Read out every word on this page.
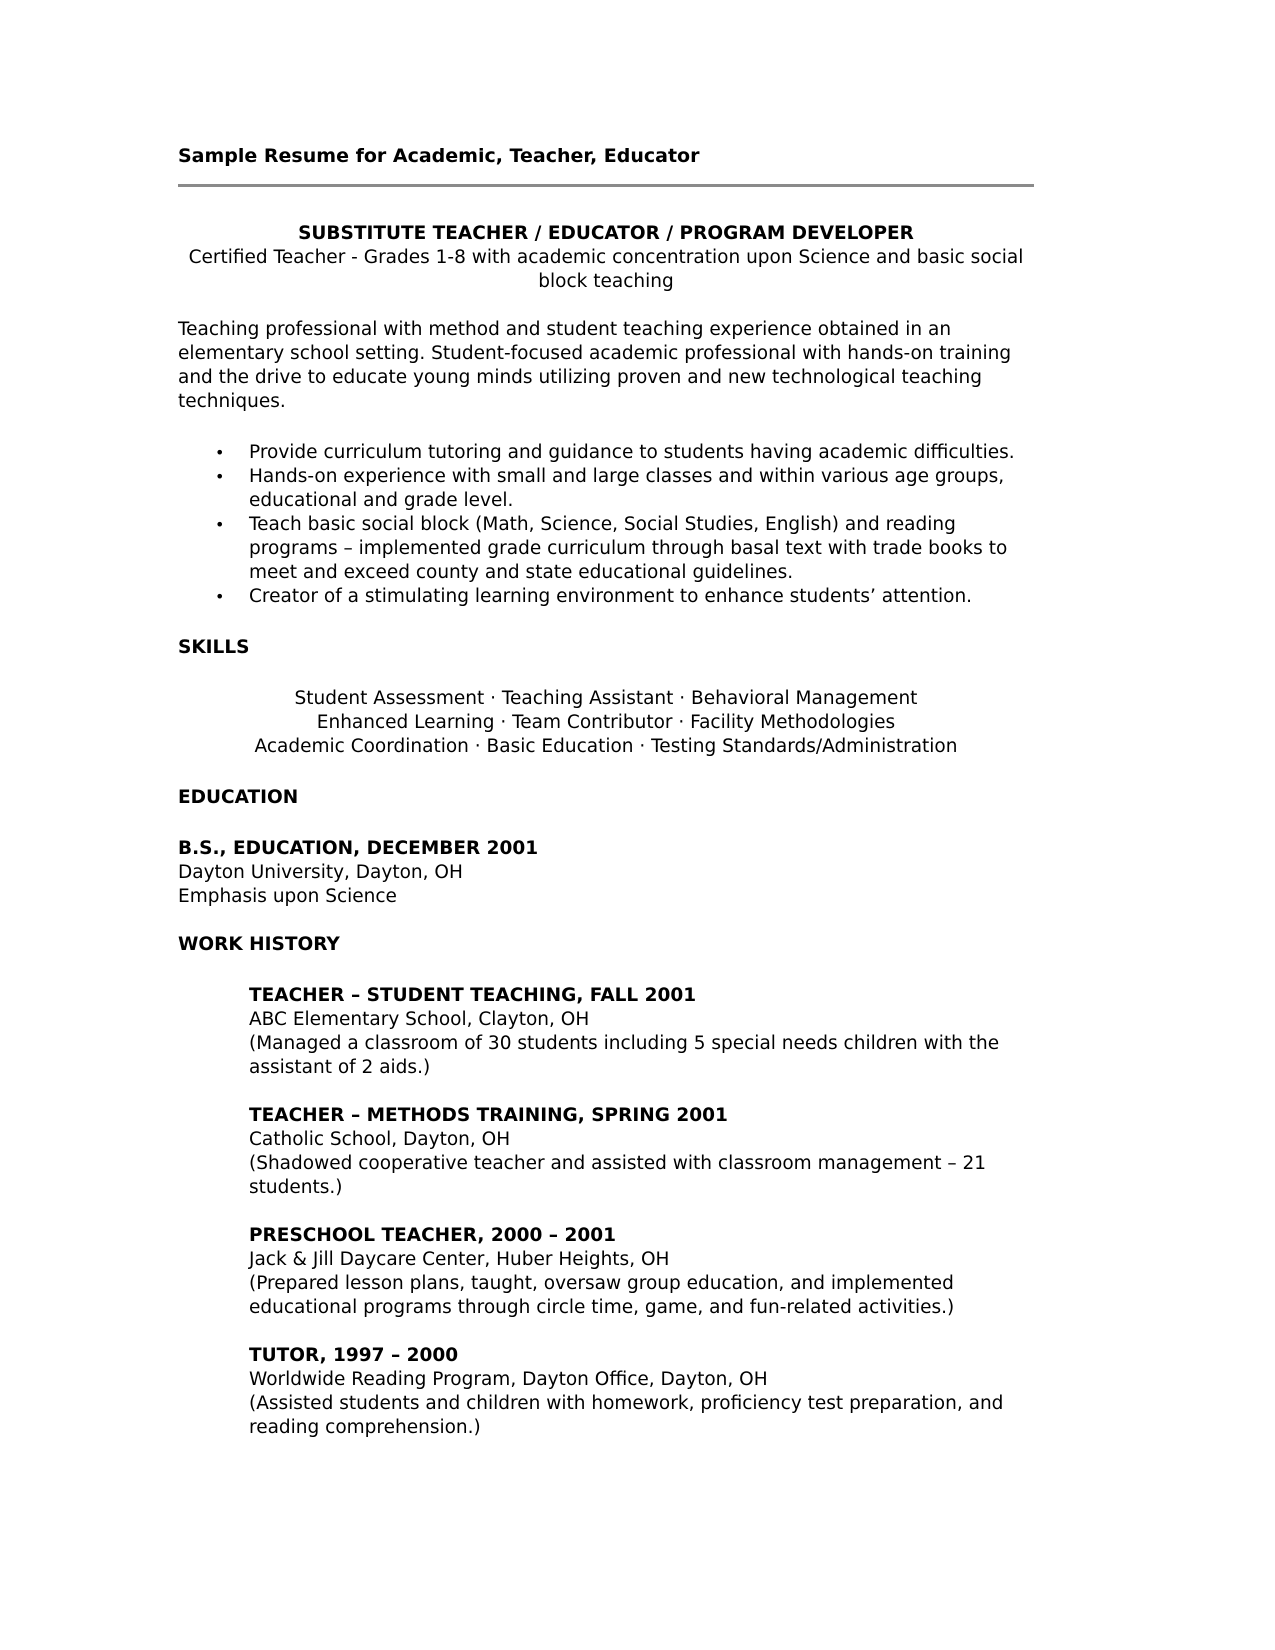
Sample Resume for Academic, Teacher, Educator
SUBSTITUTE TEACHER / EDUCATOR / PROGRAM DEVELOPER
Certified Teacher - Grades 1-8 with academic concentration upon Science and basic social block teaching
Teaching professional with method and student teaching experience obtained in an elementary school setting. Student-focused academic professional with hands-on training and the drive to educate young minds utilizing proven and new technological teaching techniques.
• Provide curriculum tutoring and guidance to students having academic difficulties.
• Hands-on experience with small and large classes and within various age groups, educational and grade level.
• Teach basic social block (Math, Science, Social Studies, English) and reading programs – implemented grade curriculum through basal text with trade books to meet and exceed county and state educational guidelines.
• Creator of a stimulating learning environment to enhance students’ attention.
SKILLS
Student Assessment · Teaching Assistant · Behavioral Management
Enhanced Learning · Team Contributor · Facility Methodologies
Academic Coordination · Basic Education · Testing Standards/Administration
EDUCATION
B.S., EDUCATION, DECEMBER 2001
Dayton University, Dayton, OH
Emphasis upon Science
WORK HISTORY
TEACHER – STUDENT TEACHING, FALL 2001
ABC Elementary School, Clayton, OH
(Managed a classroom of 30 students including 5 special needs children with the assistant of 2 aids.)
TEACHER – METHODS TRAINING, SPRING 2001
Catholic School, Dayton, OH
(Shadowed cooperative teacher and assisted with classroom management – 21 students.)
PRESCHOOL TEACHER, 2000 – 2001
Jack & Jill Daycare Center, Huber Heights, OH
(Prepared lesson plans, taught, oversaw group education, and implemented educational programs through circle time, game, and fun-related activities.)
TUTOR, 1997 – 2000
Worldwide Reading Program, Dayton Office, Dayton, OH
(Assisted students and children with homework, proficiency test preparation, and reading comprehension.)
